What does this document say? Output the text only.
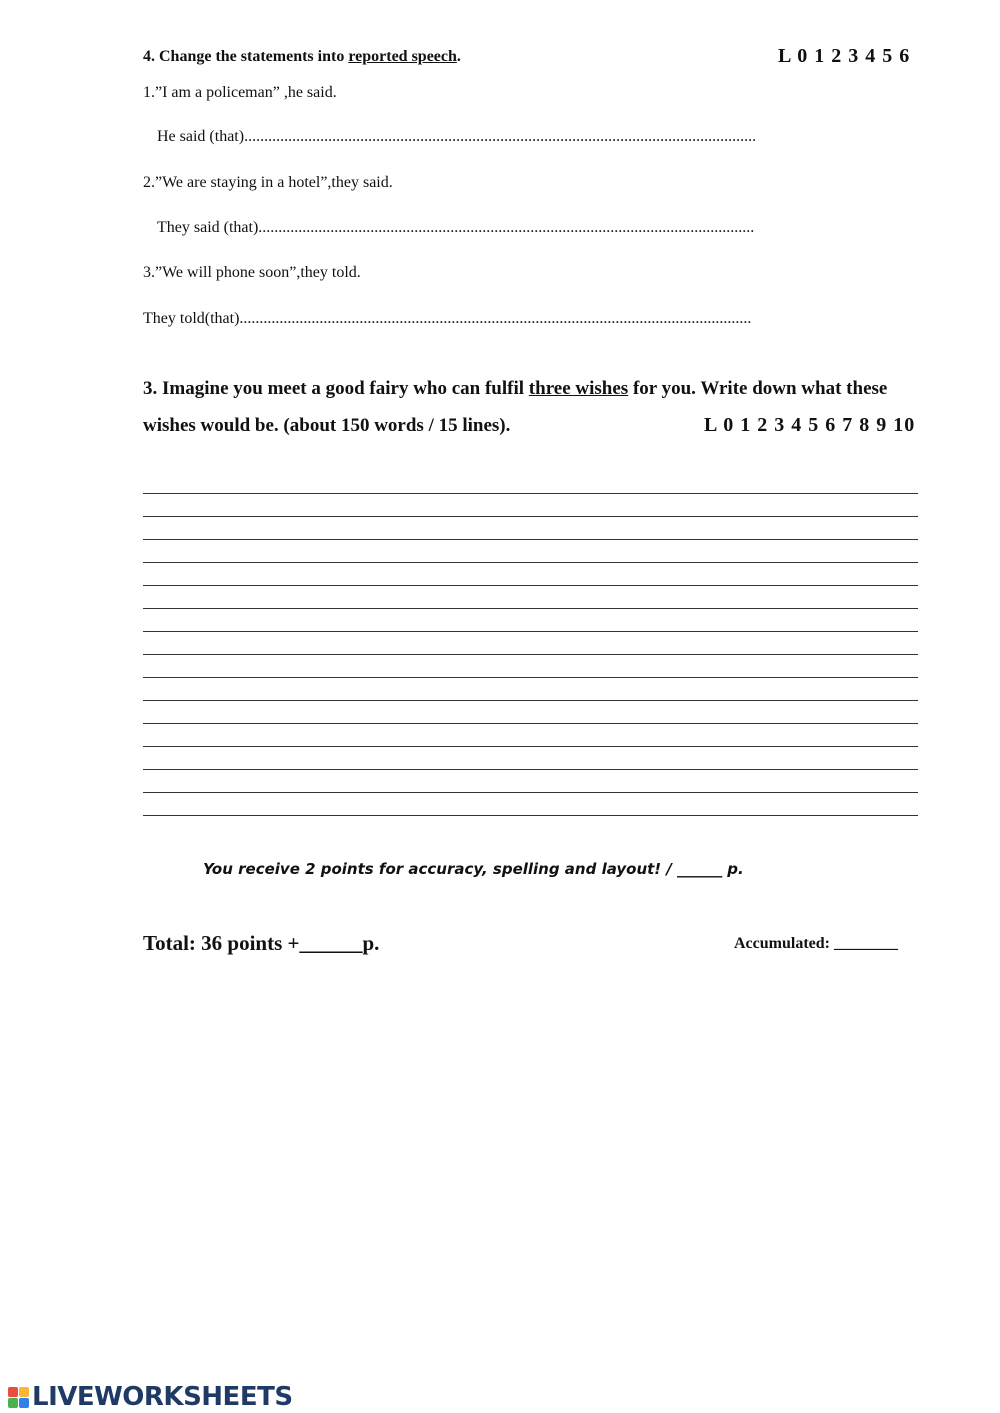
4. Change the statements into reported speech.	L 0 1 2 3 4 5 6
1.”I am a policeman” ,he said.
He said (that)................................................................................................................................
2.”We are staying in a hotel”,they said.
They said (that)............................................................................................................................
3.”We will phone soon”,they told.
They told(that)................................................................................................................................
3. Imagine you meet a good fairy who can fulfil three wishes for you. Write down what these
wishes would be. (about 150 words / 15 lines).	L 0 1 2 3 4 5 6 7 8 9 10
You receive 2 points for accuracy, spelling and layout! / ______ p.
Total: 36 points +______p.	Accumulated: ________
LIVEWORKSHEETS
